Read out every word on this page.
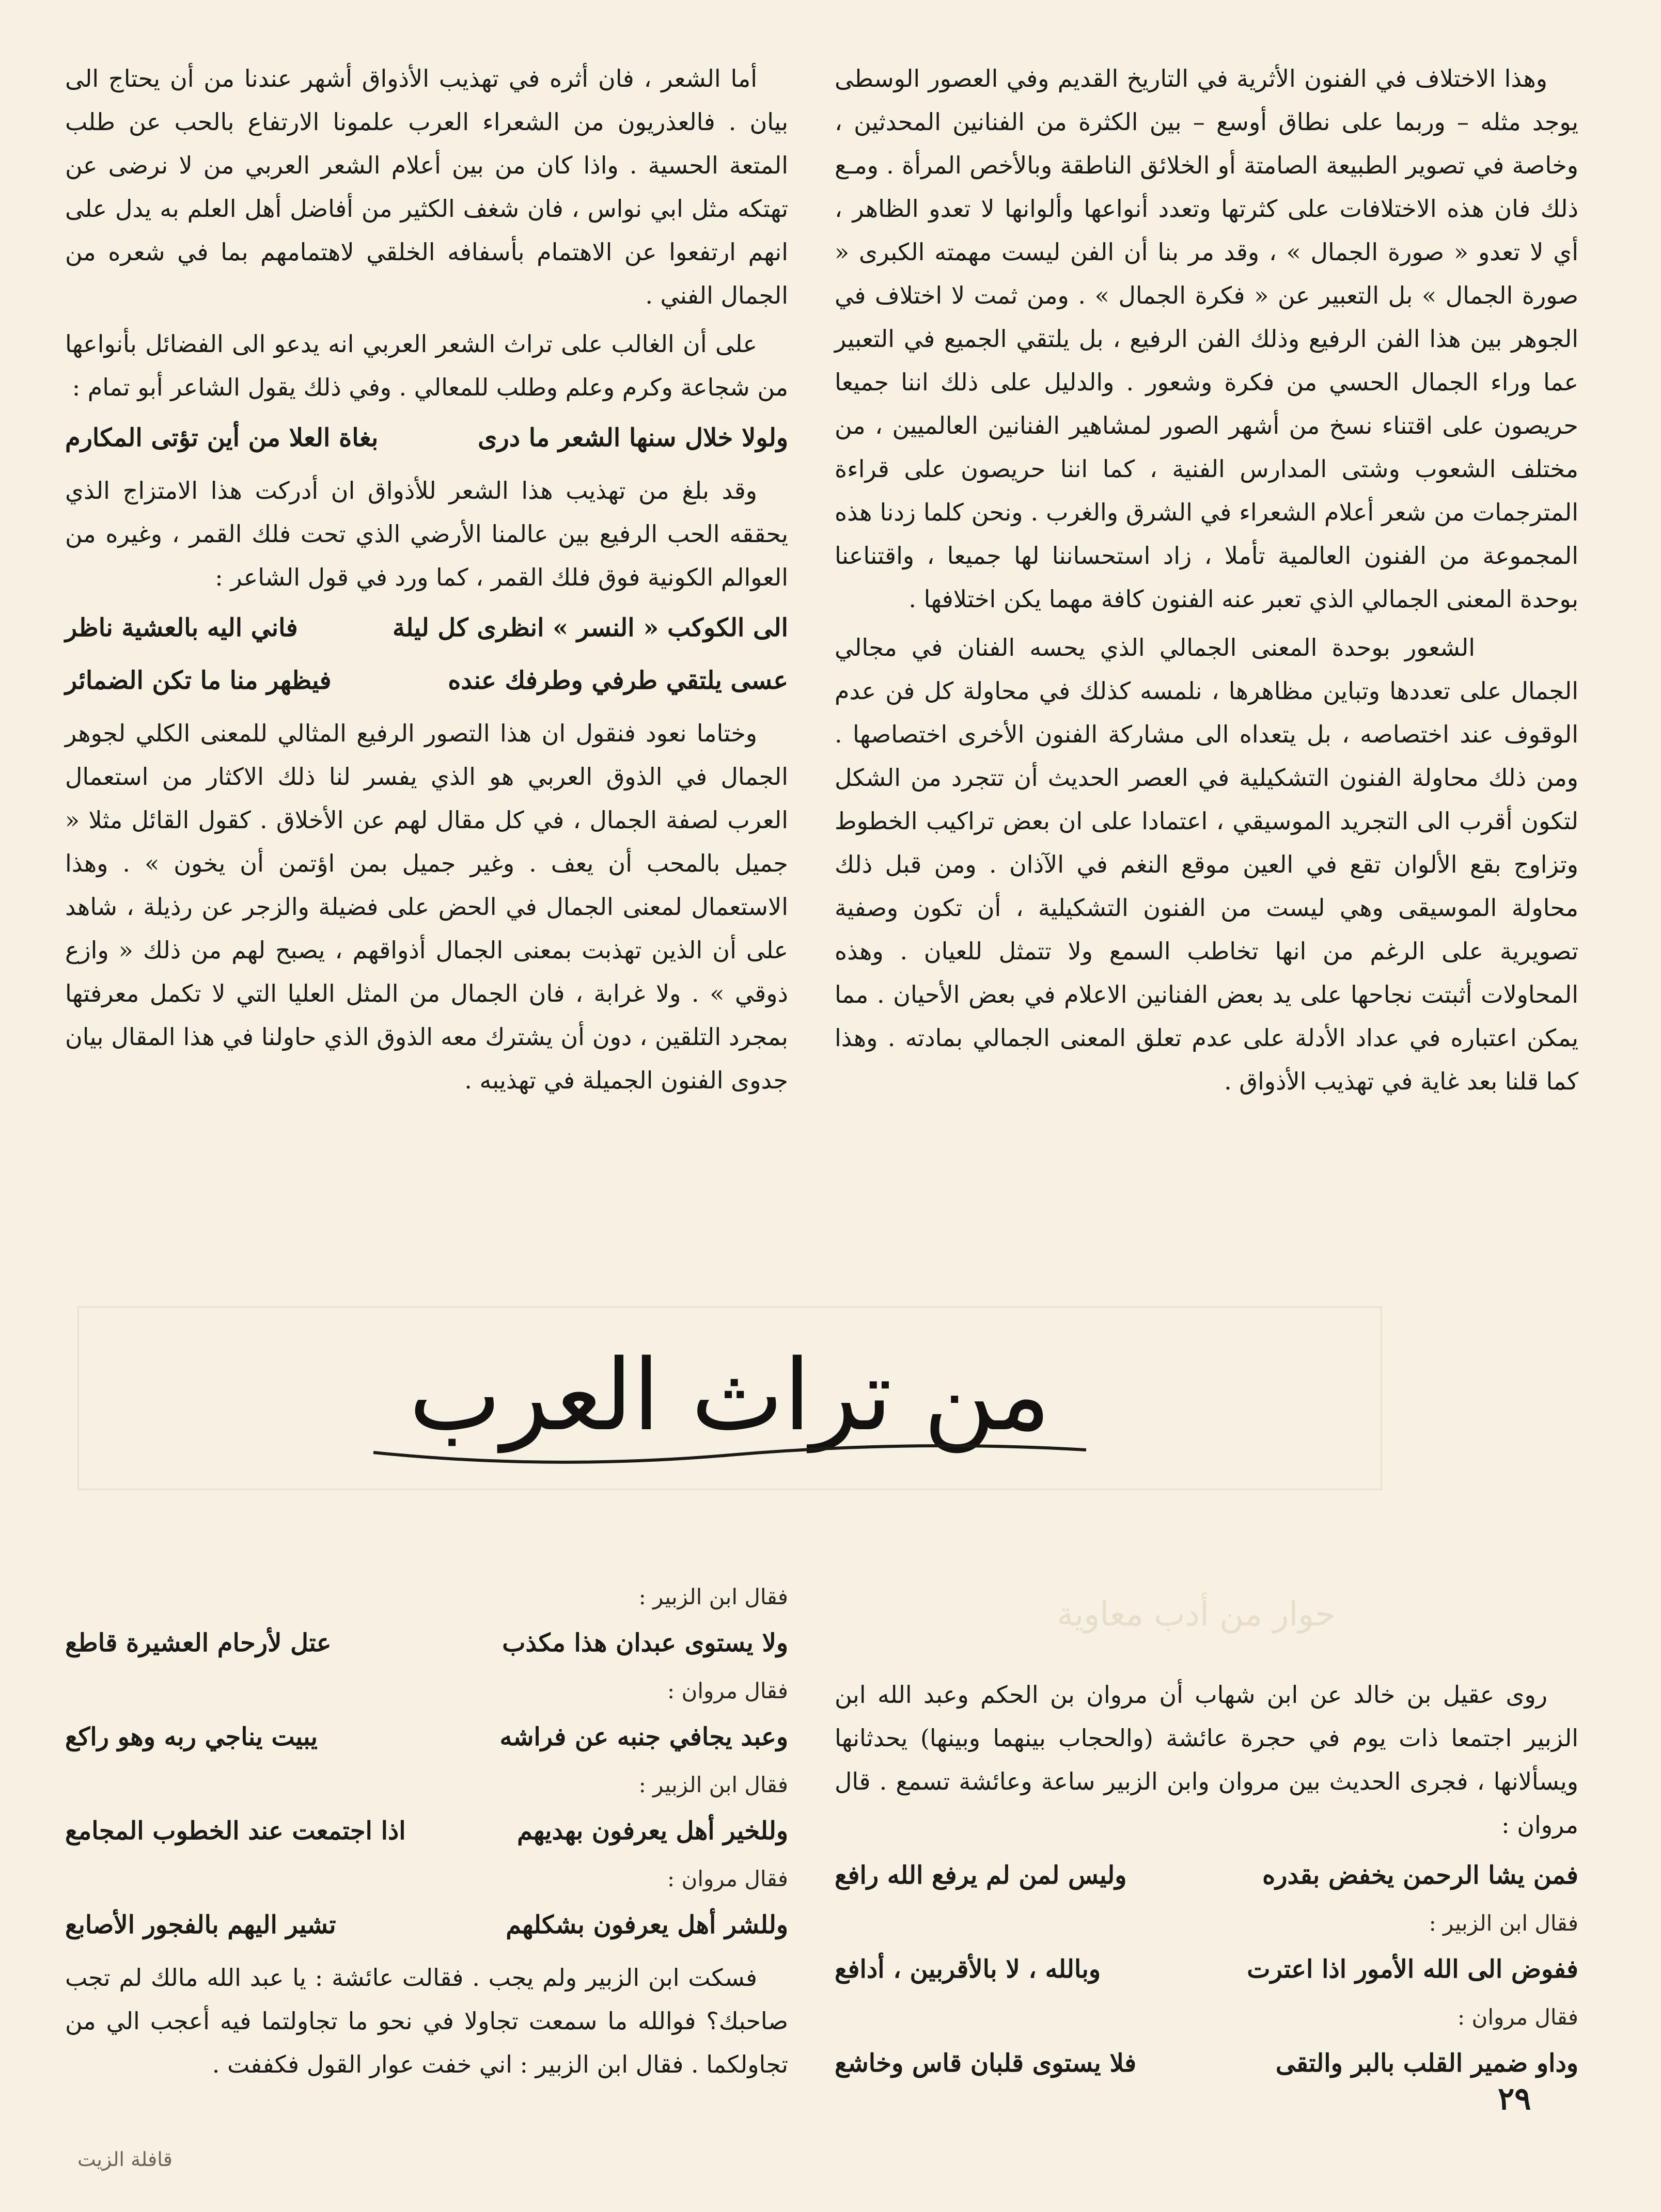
وهذا الاختلاف في الفنون الأثرية في التاريخ القديم وفي العصور الوسطى يوجد مثله – وربما على نطاق أوسع – بين الكثرة من الفنانين المحدثين ، وخاصة في تصوير الطبيعة الصامتة أو الخلائق الناطقة وبالأخص المرأة . ومـع ذلك فان هذه الاختلافات على كثرتها وتعدد أنواعها وألوانها لا تعدو الظاهر ، أي لا تعدو « صورة الجمال » ، وقد مر بنا أن الفن ليست مهمته الكبرى « صورة الجمال » بل التعبير عن « فكرة الجمال » . ومن ثمت لا اختلاف في الجوهر بين هذا الفن الرفيع وذلك الفن الرفيع ، بل يلتقي الجميع في التعبير عما وراء الجمال الحسي من فكرة وشعور . والدليل على ذلك اننا جميعا حريصون على اقتناء نسخ من أشهر الصور لمشاهير الفنانين العالميين ، من مختلف الشعوب وشتى المدارس الفنية ، كما اننا حريصون على قراءة المترجمات من شعر أعلام الشعراء في الشرق والغرب . ونحن كلما زدنا هذه المجموعة من الفنون العالمية تأملا ، زاد استحساننا لها جميعا ، واقتناعنا بوحدة المعنى الجمالي الذي تعبر عنه الفنون كافة مهما يكن اختلافها .

الشعور بوحدة المعنى الجمالي الذي يحسه الفنان في مجالي الجمال على تعددها وتباين مظاهرها ، نلمسه كذلك في محاولة كل فن عدم الوقوف عند اختصاصه ، بل يتعداه الى مشاركة الفنون الأخرى اختصاصها . ومن ذلك محاولة الفنون التشكيلية في العصر الحديث أن تتجرد من الشكل لتكون أقرب الى التجريد الموسيقي ، اعتمادا على ان بعض تراكيب الخطوط وتزاوج بقع الألوان تقع في العين موقع النغم في الآذان . ومن قبل ذلك محاولة الموسيقى وهي ليست من الفنون التشكيلية ، أن تكون وصفية تصويرية على الرغم من انها تخاطب السمع ولا تتمثل للعيان . وهذه المحاولات أثبتت نجاحها على يد بعض الفنانين الاعلام في بعض الأحيان . مما يمكن اعتباره في عداد الأدلة على عدم تعلق المعنى الجمالي بمادته . وهذا كما قلنا بعد غاية في تهذيب الأذواق .

أما الشعر ، فان أثره في تهذيب الأذواق أشهر عندنا من أن يحتاج الى بيان . فالعذريون من الشعراء العرب علمونا الارتفاع بالحب عن طلب المتعة الحسية . واذا كان من بين أعلام الشعر العربي من لا نرضى عن تهتكه مثل ابي نواس ، فان شغف الكثير من أفاضل أهل العلم به يدل على انهم ارتفعوا عن الاهتمام بأسفافه الخلقي لاهتمامهم بما في شعره من الجمال الفني .

على أن الغالب على تراث الشعر العربي انه يدعو الى الفضائل بأنواعها من شجاعة وكرم وعلم وطلب للمعالي . وفي ذلك يقول الشاعر أبو تمام :

ولولا خلال سنها الشعر ما درى
بغاة العلا من أين تؤتى المكارم

وقد بلغ من تهذيب هذا الشعر للأذواق ان أدركت هذا الامتزاج الذي يحققه الحب الرفيع بين عالمنا الأرضي الذي تحت فلك القمر ، وغيره من العوالم الكونية فوق فلك القمر ، كما ورد في قول الشاعر :

الى الكوكب « النسر » انظرى كل ليلة
فاني اليه بالعشية ناظر
عسى يلتقي طرفي وطرفك عنده
فيظهر منا ما تكن الضمائر

وختاما نعود فنقول ان هذا التصور الرفيع المثالي للمعنى الكلي لجوهر الجمال في الذوق العربي هو الذي يفسر لنا ذلك الاكثار من استعمال العرب لصفة الجمال ، في كل مقال لهم عن الأخلاق . كقول القائل مثلا « جميل بالمحب أن يعف . وغير جميل بمن اؤتمن أن يخون » . وهذا الاستعمال لمعنى الجمال في الحض على فضيلة والزجر عن رذيلة ، شاهد على أن الذين تهذبت بمعنى الجمال أذواقهم ، يصبح لهم من ذلك « وازع ذوقي » . ولا غرابة ، فان الجمال من المثل العليا التي لا تكمل معرفتها بمجرد التلقين ، دون أن يشترك معه الذوق الذي حاولنا في هذا المقال بيان جدوى الفنون الجميلة في تهذيبه .

من تراث العرب
حوار من أدب معاوية

روى عقيل بن خالد عن ابن شهاب أن مروان بن الحكم وعبد الله ابن الزبير اجتمعا ذات يوم في حجرة عائشة (والحجاب بينهما وبينها) يحدثانها ويسألانها ، فجرى الحديث بين مروان وابن الزبير ساعة وعائشة تسمع . قال مروان :

فمن يشا الرحمن يخفض بقدره
وليس لمن لم يرفع الله رافع
فقال ابن الزبير :
ففوض الى الله الأمور اذا اعترت
وبالله ، لا بالأقربين ، أدافع
فقال مروان :
وداو ضمير القلب بالبر والتقى
فلا يستوى قلبان قاس وخاشع
فقال ابن الزبير :
ولا يستوى عبدان هذا مكذب
عتل لأرحام العشيرة قاطع
فقال مروان :
وعبد يجافي جنبه عن فراشه
يبيت يناجي ربه وهو راكع
فقال ابن الزبير :
وللخير أهل يعرفون بهديهم
اذا اجتمعت عند الخطوب المجامع
فقال مروان :
وللشر أهل يعرفون بشكلهم
تشير اليهم بالفجور الأصابع

فسكت ابن الزبير ولم يجب . فقالت عائشة : يا عبد الله مالك لم تجب صاحبك؟ فوالله ما سمعت تجاولا في نحو ما تجاولتما فيه أعجب الي من تجاولكما . فقال ابن الزبير : اني خفت عوار القول فكففت .

٢٩
قافلة الزيت
